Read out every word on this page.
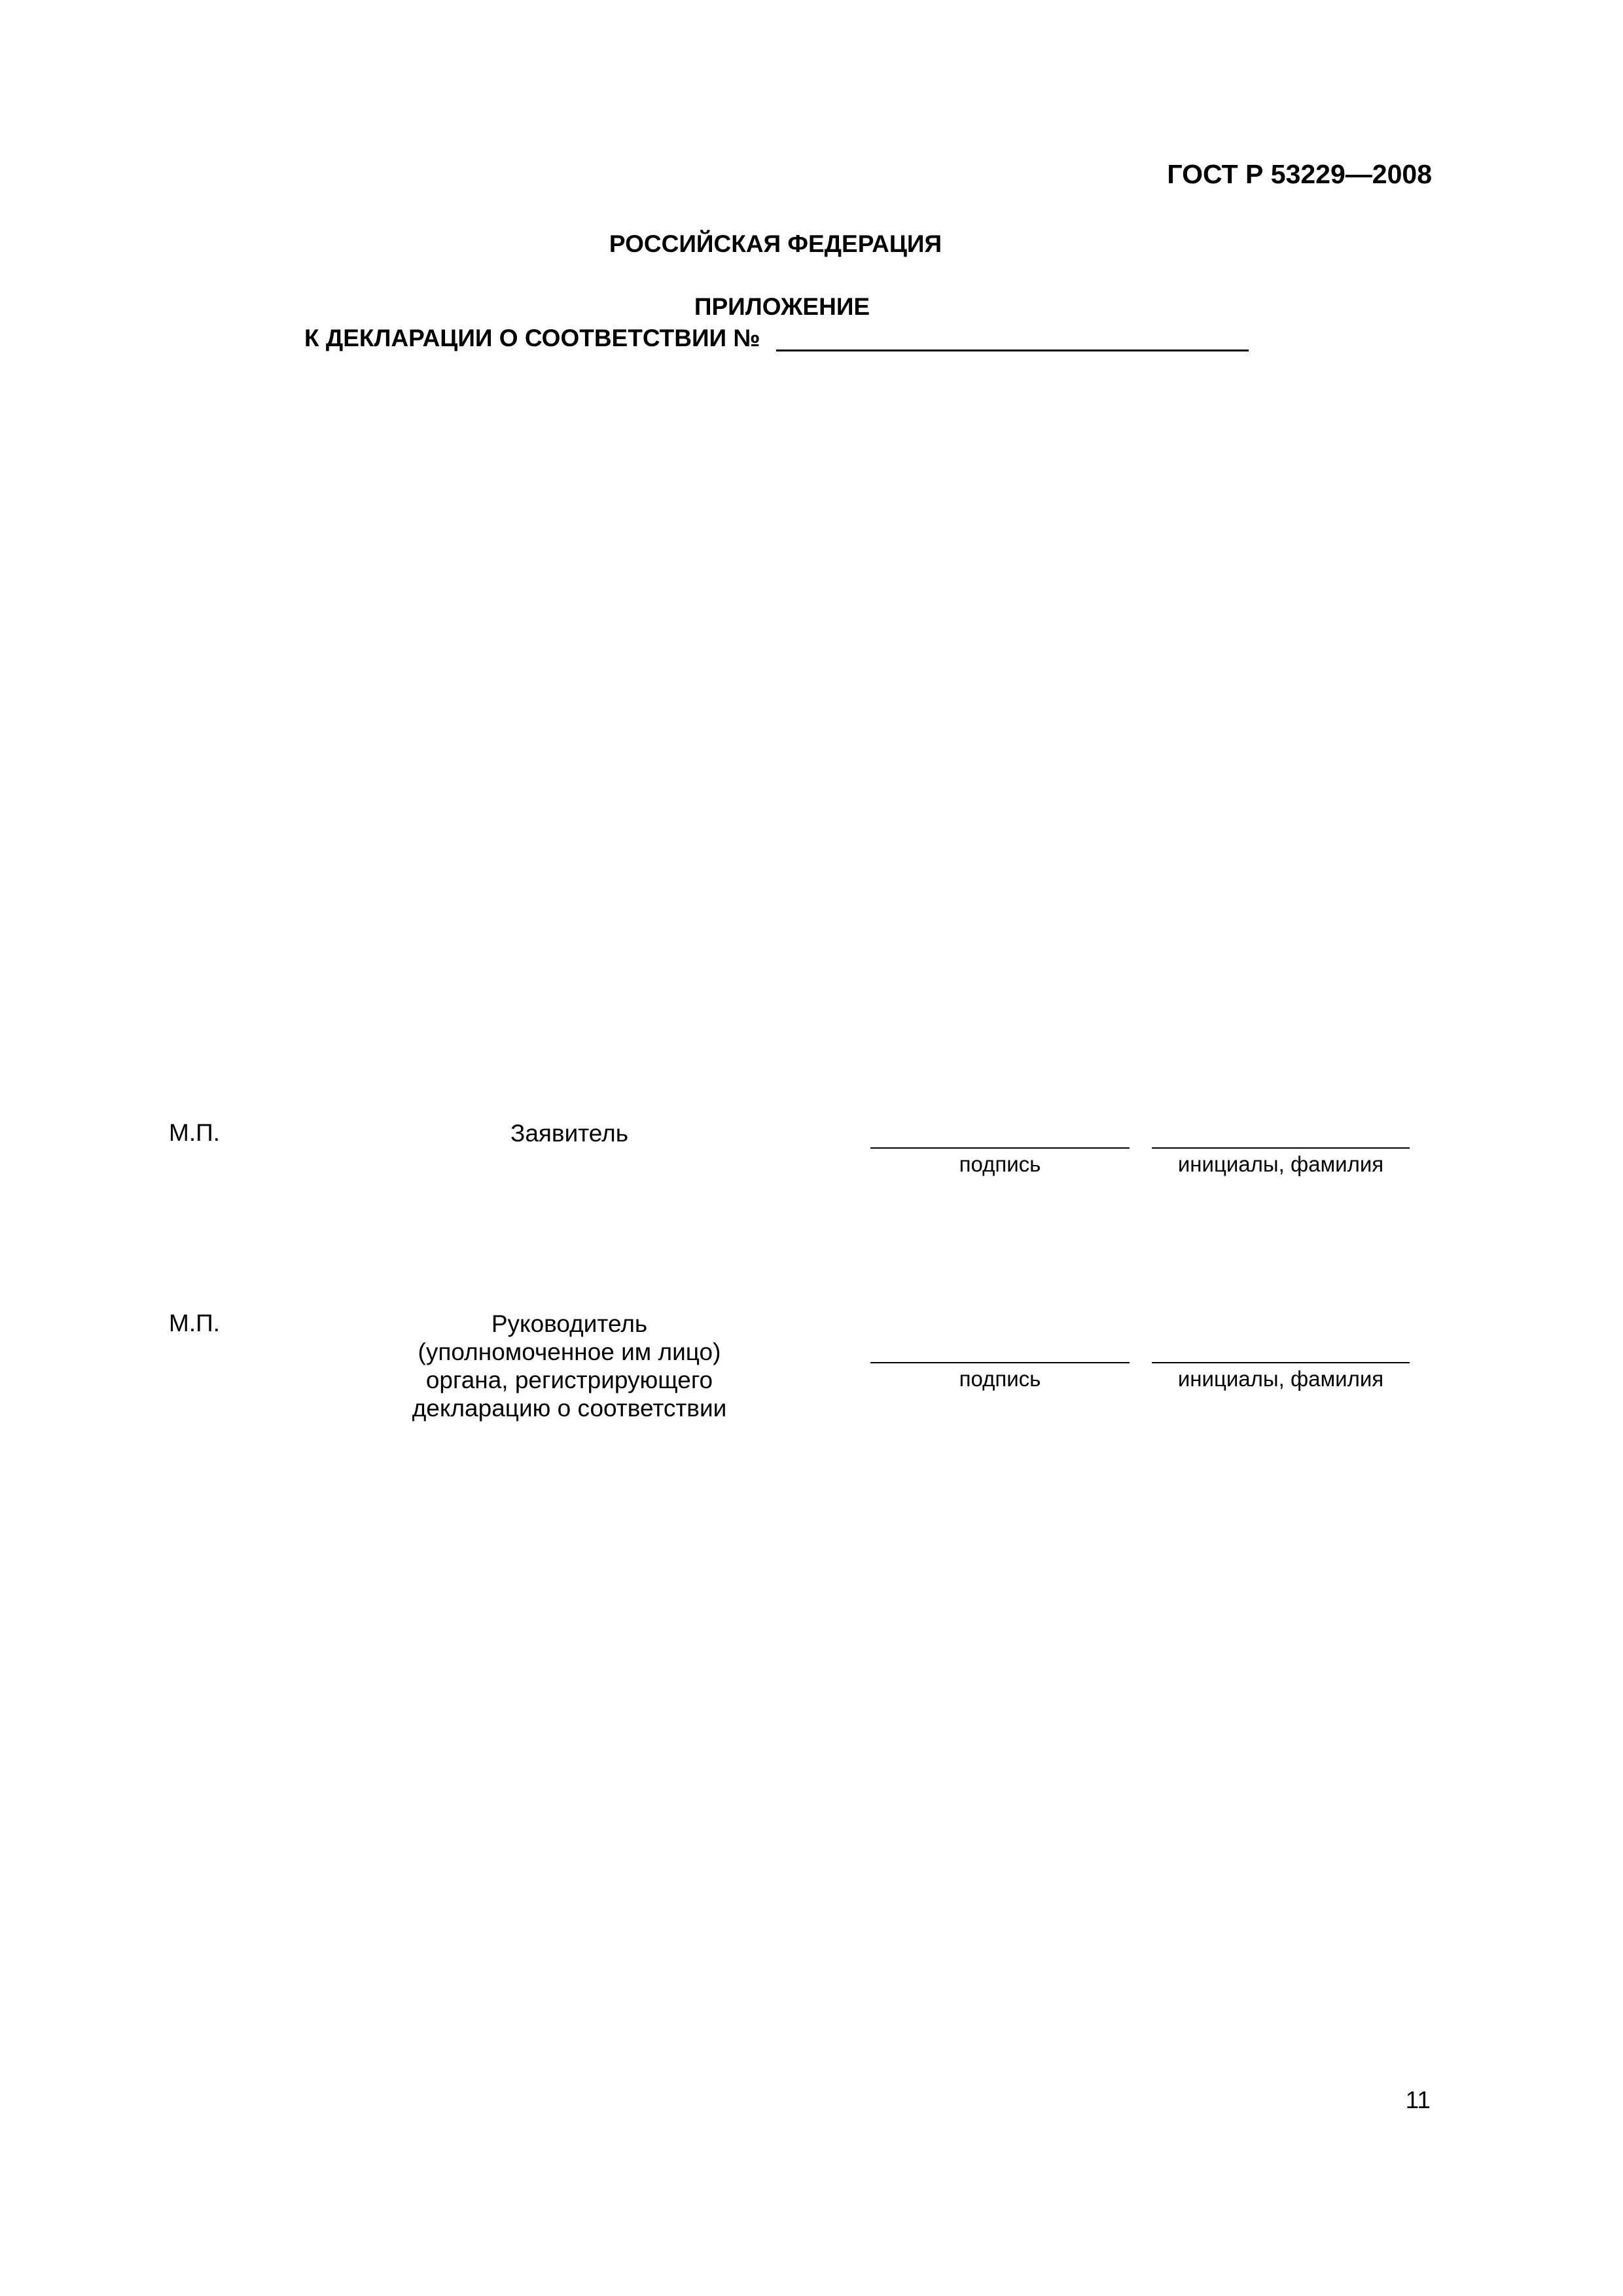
ГОСТ Р 53229—2008
РОССИЙСКАЯ ФЕДЕРАЦИЯ
ПРИЛОЖЕНИЕ
К ДЕКЛАРАЦИИ О СООТВЕТСТВИИ №
М.П.	Заявитель
подпись	инициалы, фамилия
М.П.	Руководитель
(уполномоченное им лицо)
органа, регистрирующего
декларацию о соответствии
подпись	инициалы, фамилия
11
